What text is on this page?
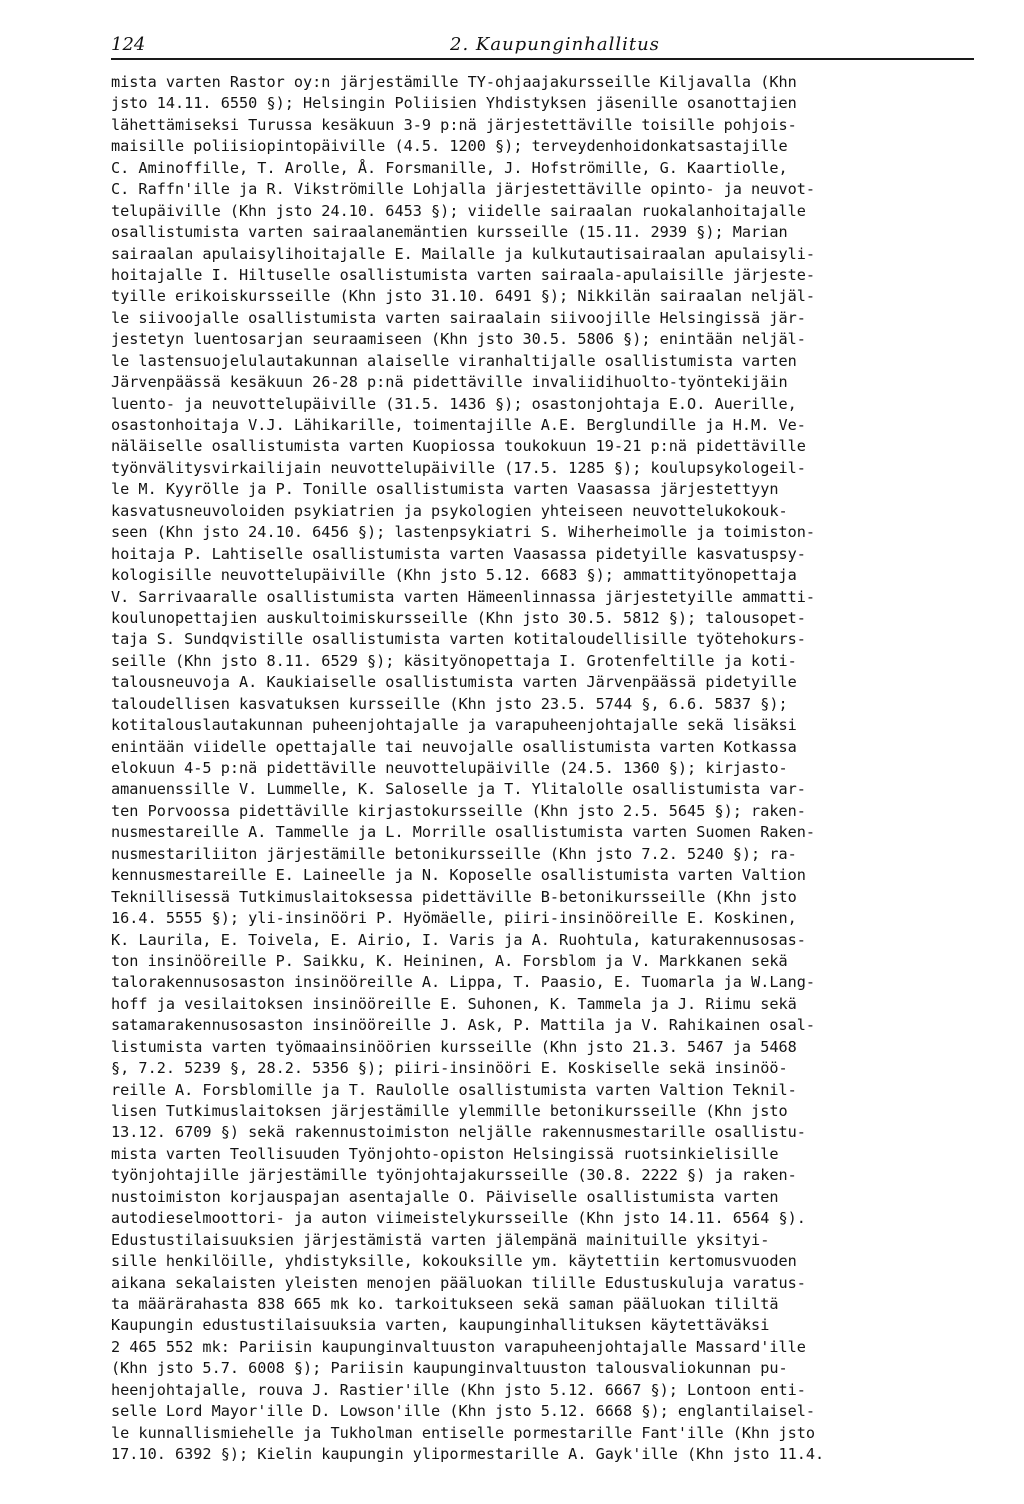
124	2. Kaupunginhallitus
mista varten Rastor oy:n järjestämille TY-ohjaajakursseille Kiljavalla (Khn
jsto 14.11. 6550 §); Helsingin Poliisien Yhdistyksen jäsenille osanottajien
lähettämiseksi Turussa kesäkuun 3-9 p:nä järjestettäville toisille pohjois-
maisille poliisiopintopäiville (4.5. 1200 §); terveydenhoidonkatsastajille
C. Aminoffille, T. Arolle, Å. Forsmanille, J. Hofströmille, G. Kaartiolle,
C. Raffn'ille ja R. Vikströmille Lohjalla järjestettäville opinto- ja neuvot-
telupäiville (Khn jsto 24.10. 6453 §); viidelle sairaalan ruokalanhoitajalle
osallistumista varten sairaalanemäntien kursseille (15.11. 2939 §); Marian
sairaalan apulaisylihoitajalle E. Mailalle ja kulkutautisairaalan apulaisyli-
hoitajalle I. Hiltuselle osallistumista varten sairaala-apulaisille järjeste-
tyille erikoiskursseille (Khn jsto 31.10. 6491 §); Nikkilän sairaalan neljäl-
le siivoojalle osallistumista varten sairaalain siivoojille Helsingissä jär-
jestetyn luentosarjan seuraamiseen (Khn jsto 30.5. 5806 §); enintään neljäl-
le lastensuojelulautakunnan alaiselle viranhaltijalle osallistumista varten
Järvenpäässä kesäkuun 26-28 p:nä pidettäville invaliidihuolto-työntekijäin
luento- ja neuvottelupäiville (31.5. 1436 §); osastonjohtaja E.O. Auerille,
osastonhoitaja V.J. Lähikarille, toimentajille A.E. Berglundille ja H.M. Ve-
näläiselle osallistumista varten Kuopiossa toukokuun 19-21 p:nä pidettäville
työnvälitysvirkailijain neuvottelupäiville (17.5. 1285 §); koulupsykologeil-
le M. Kyyrölle ja P. Tonille osallistumista varten Vaasassa järjestettyyn
kasvatusneuvoloiden psykiatrien ja psykologien yhteiseen neuvottelukokouk-
seen (Khn jsto 24.10. 6456 §); lastenpsykiatri S. Wiherheimolle ja toimiston-
hoitaja P. Lahtiselle osallistumista varten Vaasassa pidetyille kasvatuspsy-
kologisille neuvottelupäiville (Khn jsto 5.12. 6683 §); ammattityönopettaja
V. Sarrivaaralle osallistumista varten Hämeenlinnassa järjestetyille ammatti-
koulunopettajien auskultoimiskursseille (Khn jsto 30.5. 5812 §); talousopet-
taja S. Sundqvistille osallistumista varten kotitaloudellisille työtehokurs-
seille (Khn jsto 8.11. 6529 §); käsityönopettaja I. Grotenfeltille ja koti-
talousneuvoja A. Kaukiaiselle osallistumista varten Järvenpäässä pidetyille
taloudellisen kasvatuksen kursseille (Khn jsto 23.5. 5744 §, 6.6. 5837 §);
kotitalouslautakunnan puheenjohtajalle ja varapuheenjohtajalle sekä lisäksi
enintään viidelle opettajalle tai neuvojalle osallistumista varten Kotkassa
elokuun 4-5 p:nä pidettäville neuvottelupäiville (24.5. 1360 §); kirjasto-
amanuenssille V. Lummelle, K. Saloselle ja T. Ylitalolle osallistumista var-
ten Porvoossa pidettäville kirjastokursseille (Khn jsto 2.5. 5645 §); raken-
nusmestareille A. Tammelle ja L. Morrille osallistumista varten Suomen Raken-
nusmestariliiton järjestämille betonikursseille (Khn jsto 7.2. 5240 §); ra-
kennusmestareille E. Laineelle ja N. Koposelle osallistumista varten Valtion
Teknillisessä Tutkimuslaitoksessa pidettäville B-betonikursseille (Khn jsto
16.4. 5555 §); yli-insinööri P. Hyömäelle, piiri-insinööreille E. Koskinen,
K. Laurila, E. Toivela, E. Airio, I. Varis ja A. Ruohtula, katurakennusosas-
ton insinööreille P. Saikku, K. Heininen, A. Forsblom ja V. Markkanen sekä
talorakennusosaston insinööreille A. Lippa, T. Paasio, E. Tuomarla ja W.Lang-
hoff ja vesilaitoksen insinööreille E. Suhonen, K. Tammela ja J. Riimu sekä
satamarakennusosaston insinööreille J. Ask, P. Mattila ja V. Rahikainen osal-
listumista varten työmaainsinöörien kursseille (Khn jsto 21.3. 5467 ja 5468
§, 7.2. 5239 §, 28.2. 5356 §); piiri-insinööri E. Koskiselle sekä insinöö-
reille A. Forsblomille ja T. Raulolle osallistumista varten Valtion Teknil-
lisen Tutkimuslaitoksen järjestämille ylemmille betonikursseille (Khn jsto
13.12. 6709 §) sekä rakennustoimiston neljälle rakennusmestarille osallistu-
mista varten Teollisuuden Työnjohto-opiston Helsingissä ruotsinkielisille
työnjohtajille järjestämille työnjohtajakursseille (30.8. 2222 §) ja raken-
nustoimiston korjauspajan asentajalle O. Päiviselle osallistumista varten
autodieselmoottori- ja auton viimeistelykursseille (Khn jsto 14.11. 6564 §).
Edustustilaisuuksien järjestämistä varten jälempänä mainituille yksityi-
sille henkilöille, yhdistyksille, kokouksille ym. käytettiin kertomusvuoden
aikana sekalaisten yleisten menojen pääluokan tilille Edustuskuluja varatus-
ta määrärahasta 838 665 mk ko. tarkoitukseen sekä saman pääluokan tililtä
Kaupungin edustustilaisuuksia varten, kaupunginhallituksen käytettäväksi
2 465 552 mk: Pariisin kaupunginvaltuuston varapuheenjohtajalle Massard'ille
(Khn jsto 5.7. 6008 §); Pariisin kaupunginvaltuuston talousvaliokunnan pu-
heenjohtajalle, rouva J. Rastier'ille (Khn jsto 5.12. 6667 §); Lontoon enti-
selle Lord Mayor'ille D. Lowson'ille (Khn jsto 5.12. 6668 §); englantilaisel-
le kunnallismiehelle ja Tukholman entiselle pormestarille Fant'ille (Khn jsto
17.10. 6392 §); Kielin kaupungin ylipormestarille A. Gayk'ille (Khn jsto 11.4.
